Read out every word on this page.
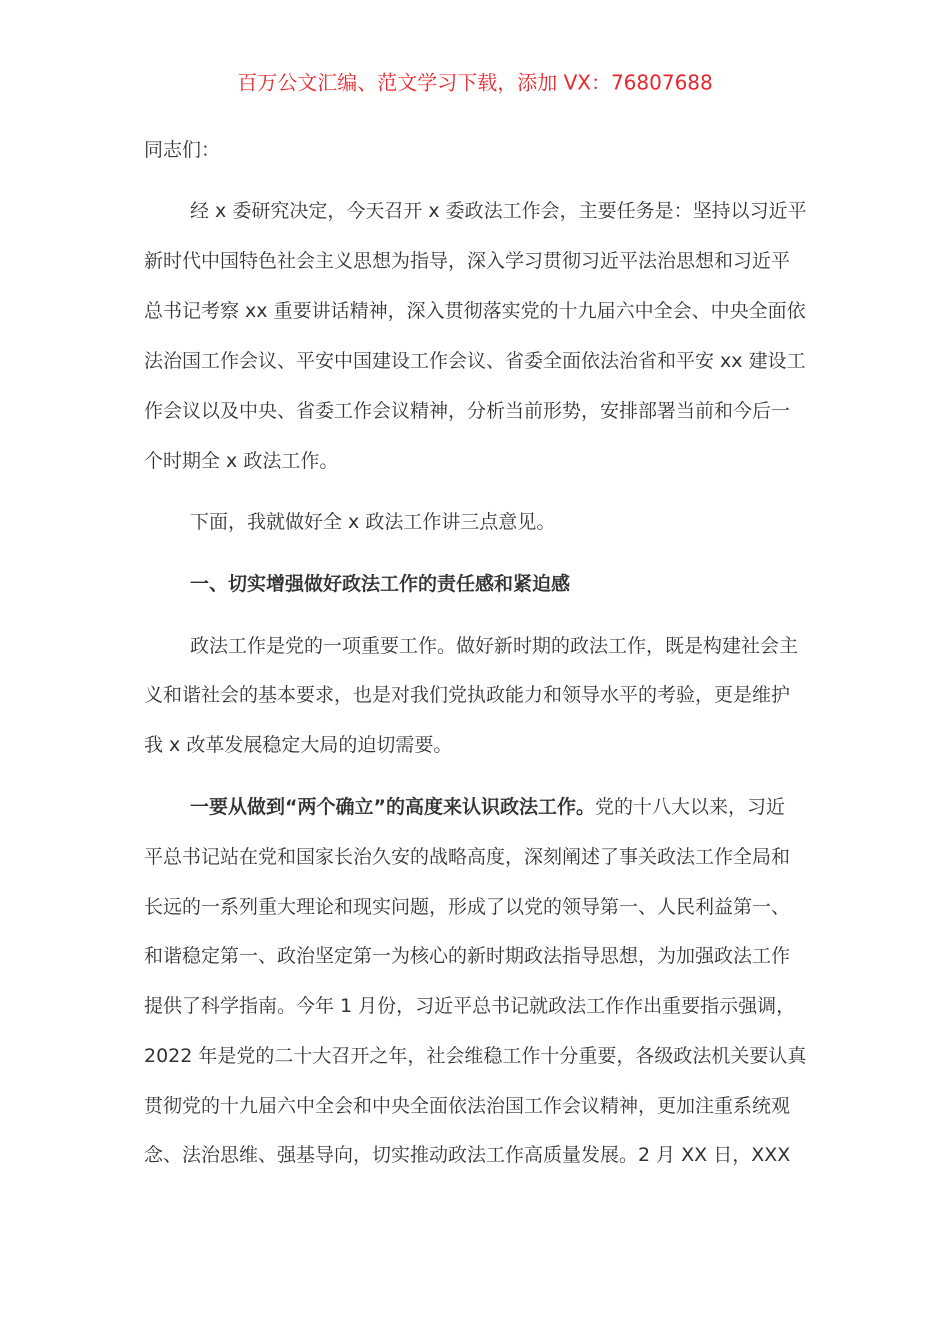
百万公文汇编、范文学习下载，添加 VX：76807688
同志们：
经 x 委研究决定，今天召开 x 委政法工作会，主要任务是：坚持以习近平
新时代中国特色社会主义思想为指导，深入学习贯彻习近平法治思想和习近平
总书记考察 xx 重要讲话精神，深入贯彻落实党的十九届六中全会、中央全面依
法治国工作会议、平安中国建设工作会议、省委全面依法治省和平安 xx 建设工
作会议以及中央、省委工作会议精神，分析当前形势，安排部署当前和今后一
个时期全 x 政法工作。
下面，我就做好全 x 政法工作讲三点意见。
一、切实增强做好政法工作的责任感和紧迫感
政法工作是党的一项重要工作。做好新时期的政法工作，既是构建社会主
义和谐社会的基本要求，也是对我们党执政能力和领导水平的考验，更是维护
我 x 改革发展稳定大局的迫切需要。
一要从做到“两个确立”的高度来认识政法工作。党的十八大以来，习近
平总书记站在党和国家长治久安的战略高度，深刻阐述了事关政法工作全局和
长远的一系列重大理论和现实问题，形成了以党的领导第一、人民利益第一、
和谐稳定第一、政治坚定第一为核心的新时期政法指导思想，为加强政法工作
提供了科学指南。今年 1 月份，习近平总书记就政法工作作出重要指示强调，
2022 年是党的二十大召开之年，社会维稳工作十分重要，各级政法机关要认真
贯彻党的十九届六中全会和中央全面依法治国工作会议精神，更加注重系统观
念、法治思维、强基导向，切实推动政法工作高质量发展。2 月 XX 日，XXX
